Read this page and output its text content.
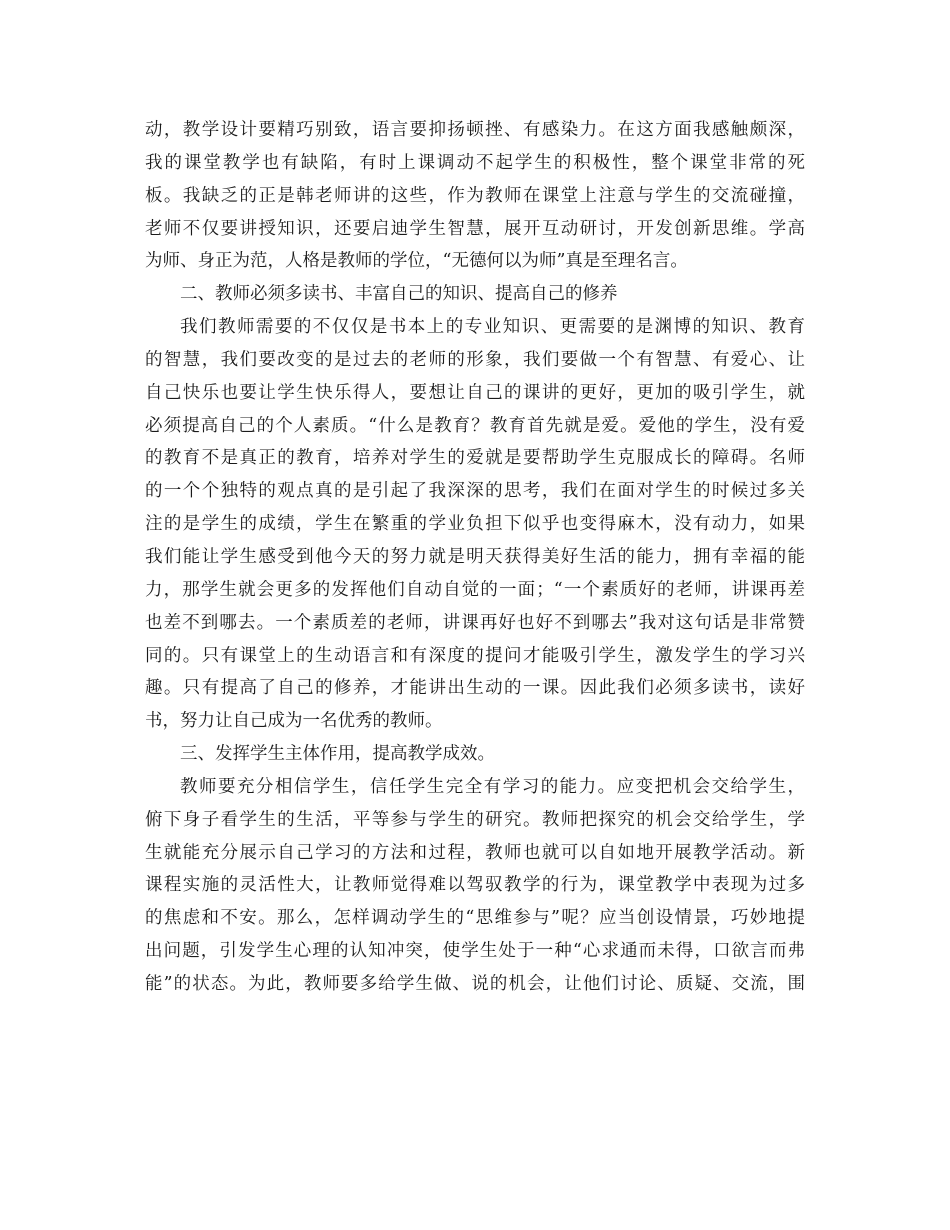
动，教学设计要精巧别致，语言要抑扬顿挫、有感染力。在这方面我感触颇深，
我的课堂教学也有缺陷，有时上课调动不起学生的积极性，整个课堂非常的死
板。我缺乏的正是韩老师讲的这些，作为教师在课堂上注意与学生的交流碰撞，
老师不仅要讲授知识，还要启迪学生智慧，展开互动研讨，开发创新思维。学高
为师、身正为范，人格是教师的学位，“无德何以为师”真是至理名言。
二、教师必须多读书、丰富自己的知识、提高自己的修养
我们教师需要的不仅仅是书本上的专业知识、更需要的是渊博的知识、教育
的智慧，我们要改变的是过去的老师的形象，我们要做一个有智慧、有爱心、让
自己快乐也要让学生快乐得人，要想让自己的课讲的更好，更加的吸引学生，就
必须提高自己的个人素质。“什么是教育？教育首先就是爱。爱他的学生，没有爱
的教育不是真正的教育，培养对学生的爱就是要帮助学生克服成长的障碍。名师
的一个个独特的观点真的是引起了我深深的思考，我们在面对学生的时候过多关
注的是学生的成绩，学生在繁重的学业负担下似乎也变得麻木，没有动力，如果
我们能让学生感受到他今天的努力就是明天获得美好生活的能力，拥有幸福的能
力，那学生就会更多的发挥他们自动自觉的一面；“一个素质好的老师，讲课再差
也差不到哪去。一个素质差的老师，讲课再好也好不到哪去”我对这句话是非常赞
同的。只有课堂上的生动语言和有深度的提问才能吸引学生，激发学生的学习兴
趣。只有提高了自己的修养，才能讲出生动的一课。因此我们必须多读书，读好
书，努力让自己成为一名优秀的教师。
三、发挥学生主体作用，提高教学成效。
教师要充分相信学生，信任学生完全有学习的能力。应变把机会交给学生，
俯下身子看学生的生活，平等参与学生的研究。教师把探究的机会交给学生，学
生就能充分展示自己学习的方法和过程，教师也就可以自如地开展教学活动。新
课程实施的灵活性大，让教师觉得难以驾驭教学的行为，课堂教学中表现为过多
的焦虑和不安。那么，怎样调动学生的“思维参与”呢？应当创设情景，巧妙地提
出问题，引发学生心理的认知冲突，使学生处于一种“心求通而未得，口欲言而弗
能”的状态。为此，教师要多给学生做、说的机会，让他们讨论、质疑、交流，围
